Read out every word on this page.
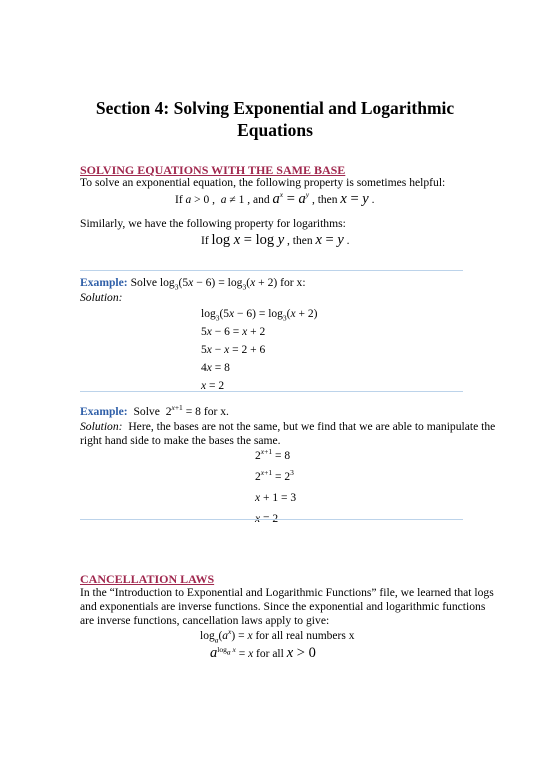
Section 4: Solving Exponential and Logarithmic
Equations
SOLVING EQUATIONS WITH THE SAME BASE
To solve an exponential equation, the following property is sometimes helpful:
If a > 0 ,  a ≠ 1 , and $a^x = a^y$ , then x = y .
Similarly, we have the following property for logarithms:
If log x = log y , then x = y .
Example: Solve $\log_3(5x - 6) = \log_3(x + 2)$ for x:
Solution:
$\log_3(5x - 6) = \log_3(x + 2)$
5x − 6 = x + 2
5x − x = 2 + 6
4x = 8
x = 2
Example: Solve  $2^{x+1} = 8$ for x.
Solution: Here, the bases are not the same, but we find that we are able to manipulate the
right hand side to make the bases the same.
$2^{x+1} = 8$
$2^{x+1} = 2^3$
x + 1 = 3
x = 2
CANCELLATION LAWS
In the “Introduction to Exponential and Logarithmic Functions” file, we learned that logs
and exponentials are inverse functions. Since the exponential and logarithmic functions
are inverse functions, cancellation laws apply to give:
$\log_a(a^x) = x$ for all real numbers x
$a^{log_a x} = x$ for all x > 0
